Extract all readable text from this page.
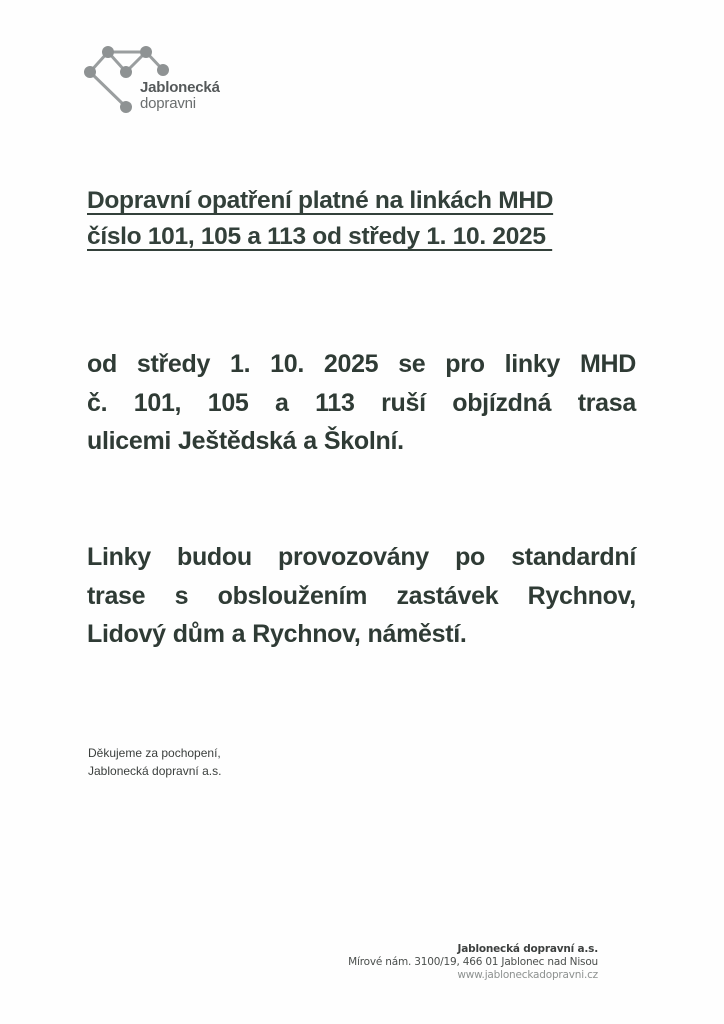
Jablonecká
dopravni
Dopravní opatření platné na linkách MHD
číslo 101, 105 a 113 od středy 1. 10. 2025
od středy 1. 10. 2025 se pro linky MHD
č. 101, 105 a 113 ruší objízdná trasa
ulicemi Ještědská a Školní.
Linky budou provozovány po standardní
trase s obsloužením zastávek Rychnov,
Lidový dům a Rychnov, náměstí.
Děkujeme za pochopení,
Jablonecká dopravní a.s.
Jablonecká dopravní a.s.
Mírové nám. 3100/19, 466 01 Jablonec nad Nisou
www.jabloneckadopravni.cz
